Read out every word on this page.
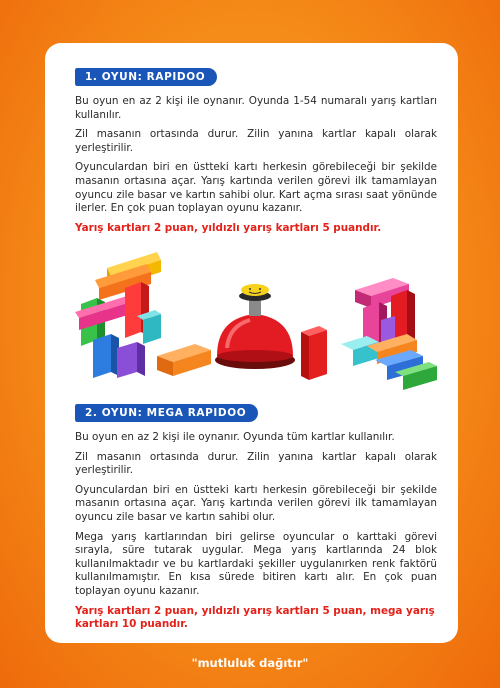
1. OYUN: RAPIDOO

Bu oyun en az 2 kişi ile oynanır. Oyunda 1-54 numaralı yarış kartları kullanılır.

Zil masanın ortasında durur. Zilin yanına kartlar kapalı olarak yerleştirilir.

Oyunculardan biri en üstteki kartı herkesin görebileceği bir şekilde masanın ortasına açar. Yarış kartında verilen görevi ilk tamamlayan oyuncu zile basar ve kartın sahibi olur. Kart açma sırası saat yönünde ilerler. En çok puan toplayan oyunu kazanır.

Yarış kartları 2 puan, yıldızlı yarış kartları 5 puandır.

2. OYUN: MEGA RAPIDOO

Bu oyun en az 2 kişi ile oynanır. Oyunda tüm kartlar kullanılır.

Zil masanın ortasında durur. Zilin yanına kartlar kapalı olarak yerleştirilir.

Oyunculardan biri en üstteki kartı herkesin görebileceği bir şekilde masanın ortasına açar. Yarış kartında verilen görevi ilk tamamlayan oyuncu zile basar ve kartın sahibi olur.

Mega yarış kartlarından biri gelirse oyuncular o karttaki görevi sırayla, süre tutarak uygular. Mega yarış kartlarında 24 blok kullanılmaktadır ve bu kartlardaki şekiller uygulanırken renk faktörü kullanılmamıştır. En kısa sürede bitiren kartı alır. En çok puan toplayan oyunu kazanır.

Yarış kartları 2 puan, yıldızlı yarış kartları 5 puan, mega yarış kartları 10 puandır.

"mutluluk dağıtır"
